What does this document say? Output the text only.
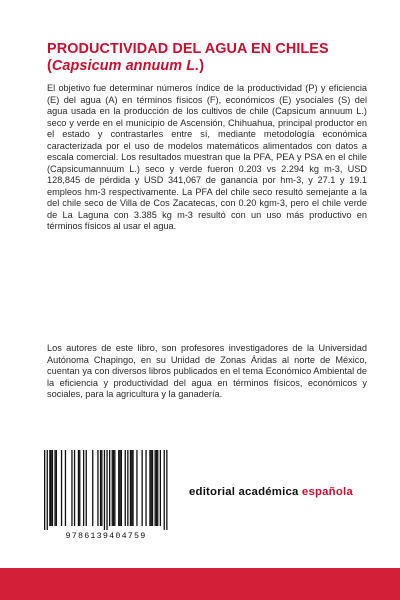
PRODUCTIVIDAD DEL AGUA EN CHILES
(Capsicum annuum L.)
El objetivo fue determinar números índice de la productividad (P) y eficiencia (E) del agua (A) en términos físicos (F), económicos (E) ysociales (S) del agua usada en la producción de los cultivos de chile (Capsicum annuum L.) seco y verde en el municipio de Ascensión, Chihuahua, principal productor en el estado y contrastarles entre sí, mediante metodología económica caracterizada por el uso de modelos matemáticos alimentados con datos a escala comercial. Los resultados muestran que la PFA, PEA y PSA en el chile (Capsicumannuum L.) seco y verde fueron 0.203 vs 2.294 kg m-3, USD 128,845 de pérdida y USD 341,067 de ganancia por hm-3, y 27.1 y 19.1 empleos hm-3 respectivamente. La PFA del chile seco resultó semejante a la del chile seco de Villa de Cos Zacatecas, con 0.20 kgm-3, pero el chile verde de La Laguna con 3.385 kg m-3 resultó con un uso más productivo en términos físicos al usar el agua.
Los autores de este libro, son profesores investigadores de la Universidad Autónoma Chapingo, en su Unidad de Zonas Áridas al norte de México, cuentan ya con diversos libros publicados en el tema Económico Ambiental de la eficiencia y productividad del agua en términos físicos, económicos y sociales, para la agricultura y la ganadería.
9786139404759
editorial académica española
